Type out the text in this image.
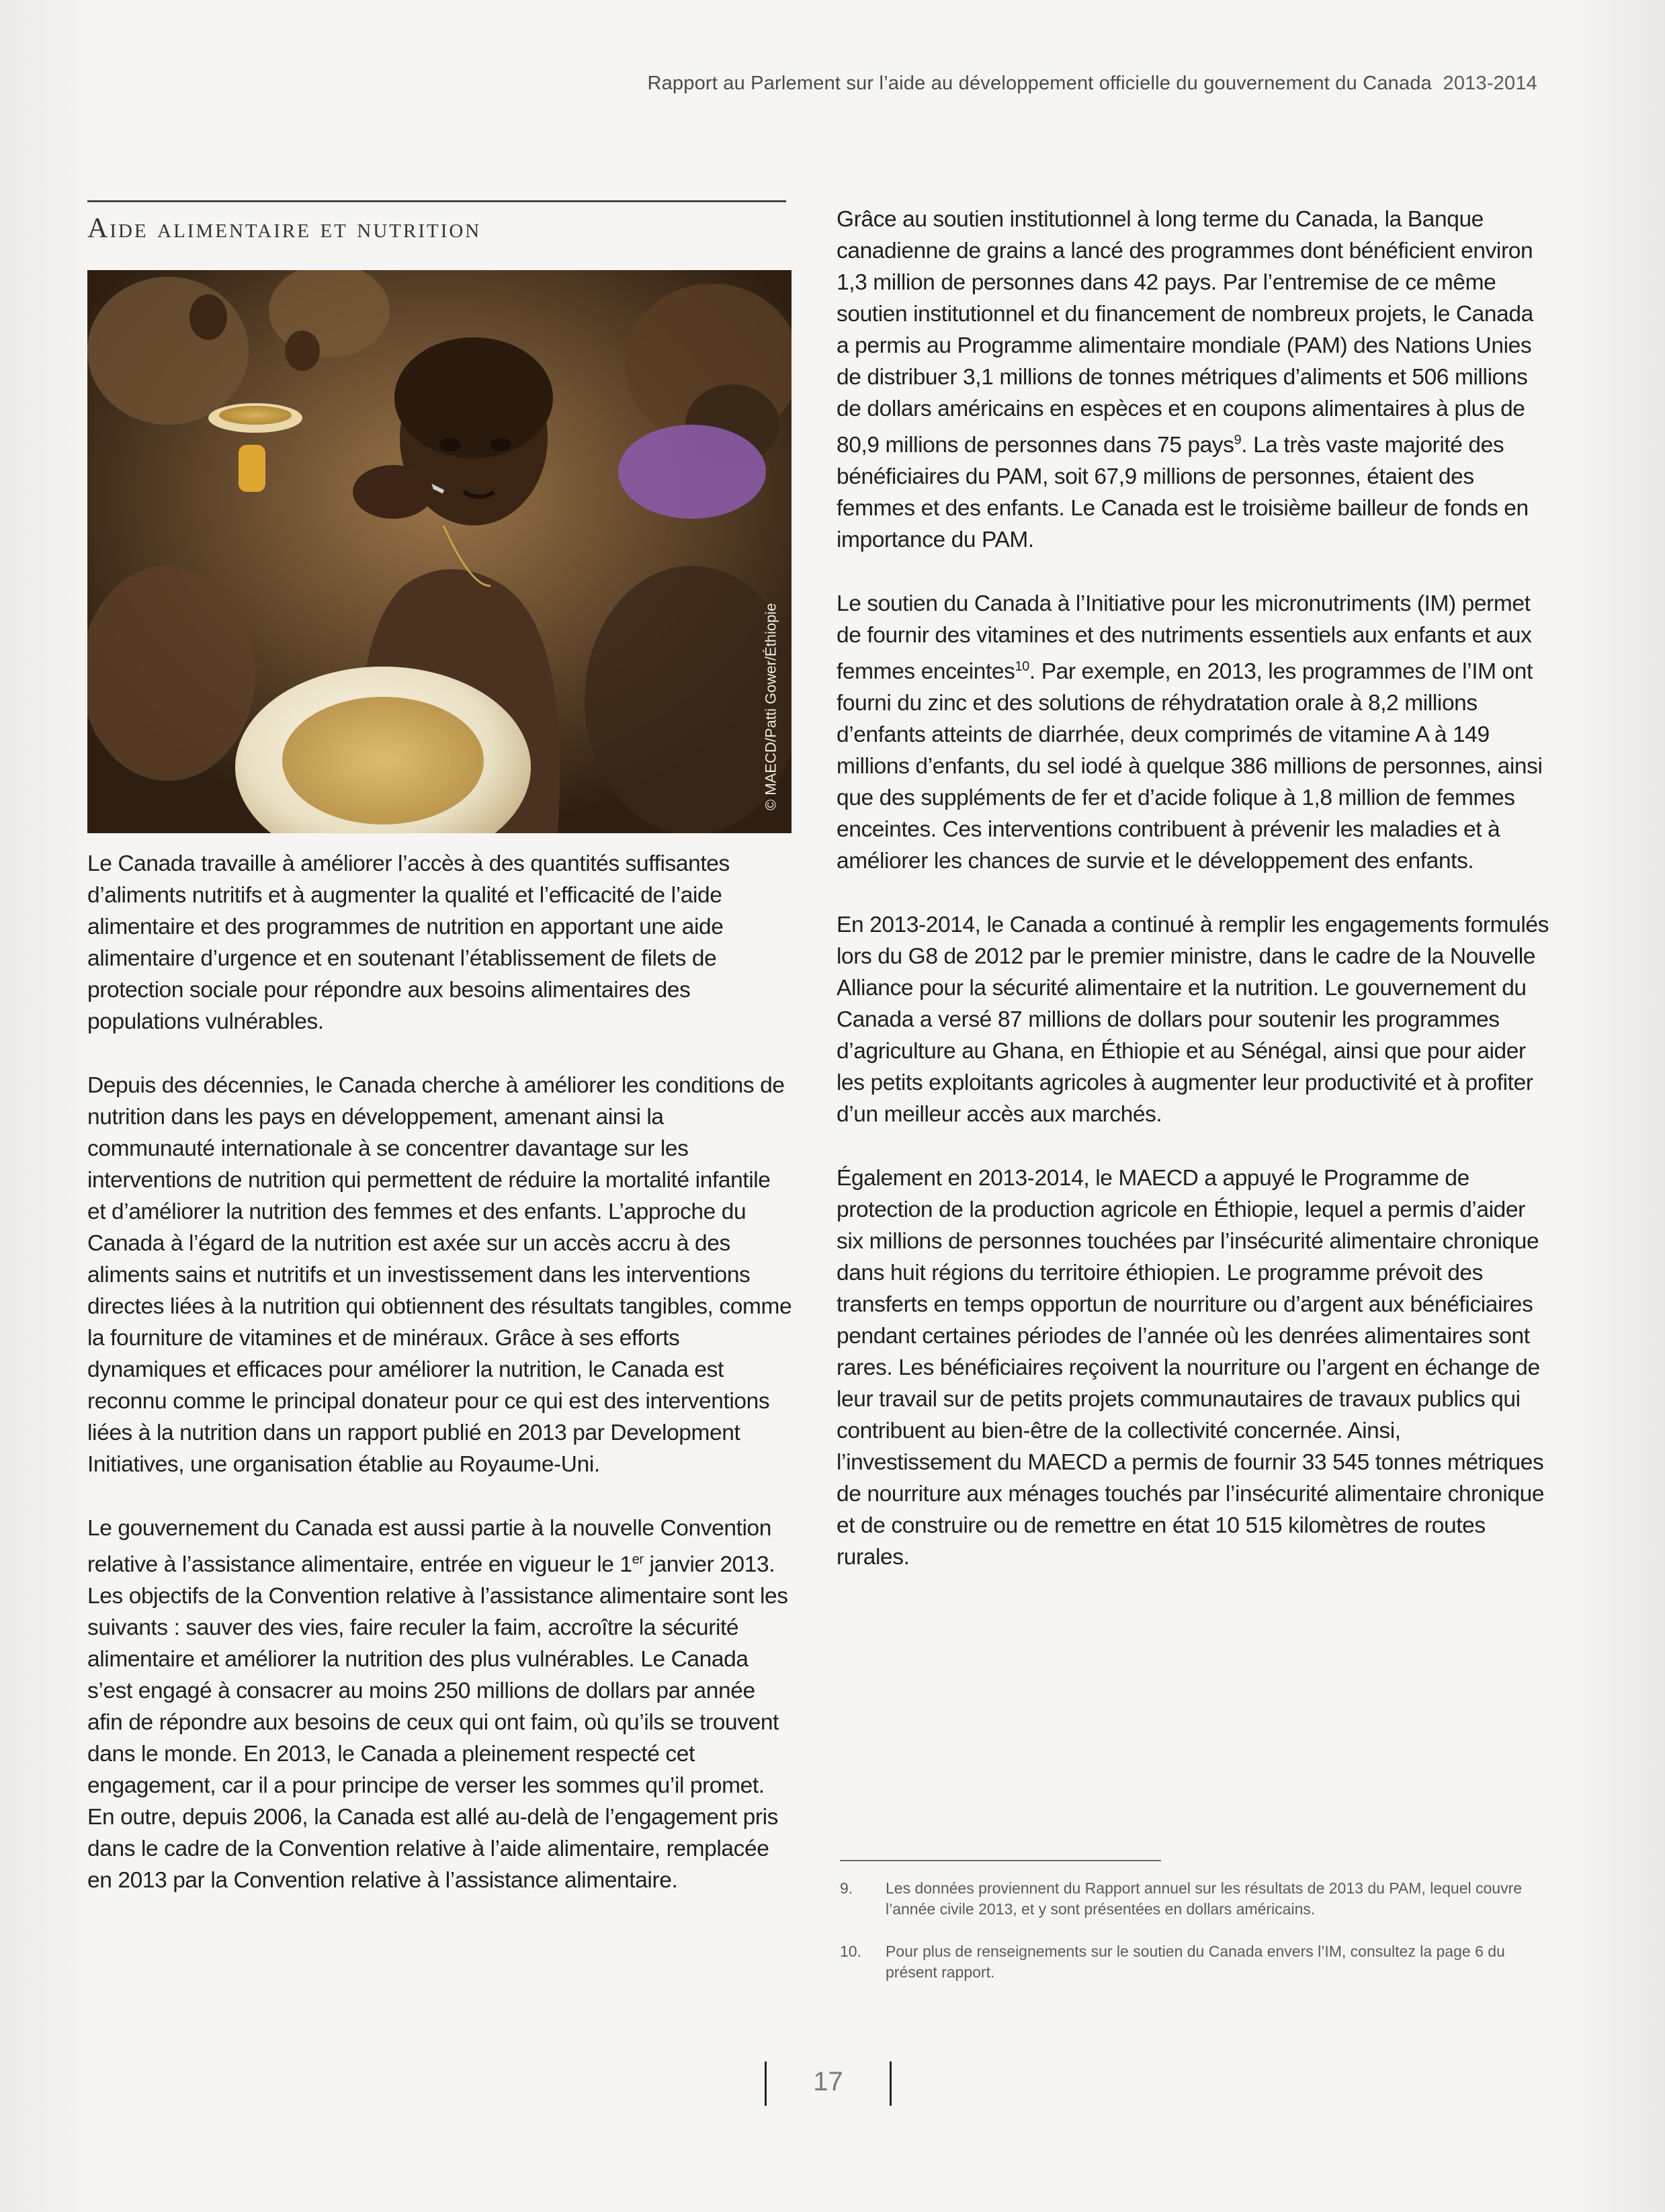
Rapport au Parlement sur l’aide au développement officielle du gouvernement du Canada 2013-2014
Aide alimentaire et nutrition
© MAECD/Patti Gower/Éthiopie

Le Canada travaille à améliorer l’accès à des quantités suffisantes d’aliments nutritifs et à augmenter la qualité et l’efficacité de l’aide alimentaire et des programmes de nutrition en apportant une aide alimentaire d’urgence et en soutenant l’établissement de filets de protection sociale pour répondre aux besoins alimentaires des populations vulnérables.

Depuis des décennies, le Canada cherche à améliorer les conditions de nutrition dans les pays en développement, amenant ainsi la communauté internationale à se concentrer davantage sur les interventions de nutrition qui permettent de réduire la mortalité infantile et d’améliorer la nutrition des femmes et des enfants. L’approche du Canada à l’égard de la nutrition est axée sur un accès accru à des aliments sains et nutritifs et un investissement dans les interventions directes liées à la nutrition qui obtiennent des résultats tangibles, comme la fourniture de vitamines et de minéraux. Grâce à ses efforts dynamiques et efficaces pour améliorer la nutrition, le Canada est reconnu comme le principal donateur pour ce qui est des interventions liées à la nutrition dans un rapport publié en 2013 par Development Initiatives, une organisation établie au Royaume-Uni.

Le gouvernement du Canada est aussi partie à la nouvelle Convention relative à l’assistance alimentaire, entrée en vigueur le 1er janvier 2013. Les objectifs de la Convention relative à l’assistance alimentaire sont les suivants : sauver des vies, faire reculer la faim, accroître la sécurité alimentaire et améliorer la nutrition des plus vulnérables. Le Canada s’est engagé à consacrer au moins 250 millions de dollars par année afin de répondre aux besoins de ceux qui ont faim, où qu’ils se trouvent dans le monde. En 2013, le Canada a pleinement respecté cet engagement, car il a pour principe de verser les sommes qu’il promet. En outre, depuis 2006, la Canada est allé au-delà de l’engagement pris dans le cadre de la Convention relative à l’aide alimentaire, remplacée en 2013 par la Convention relative à l’assistance alimentaire.

Grâce au soutien institutionnel à long terme du Canada, la Banque canadienne de grains a lancé des programmes dont bénéficient environ 1,3 million de personnes dans 42 pays. Par l’entremise de ce même soutien institutionnel et du financement de nombreux projets, le Canada a permis au Programme alimentaire mondiale (PAM) des Nations Unies de distribuer 3,1 millions de tonnes métriques d’aliments et 506 millions de dollars américains en espèces et en coupons alimentaires à plus de 80,9 millions de personnes dans 75 pays$^9$. La très vaste majorité des bénéficiaires du PAM, soit 67,9 millions de personnes, étaient des femmes et des enfants. Le Canada est le troisième bailleur de fonds en importance du PAM.

Le soutien du Canada à l’Initiative pour les micronutriments (IM) permet de fournir des vitamines et des nutriments essentiels aux enfants et aux femmes enceintes$^{10}$. Par exemple, en 2013, les programmes de l’IM ont fourni du zinc et des solutions de réhydratation orale à 8,2 millions d’enfants atteints de diarrhée, deux comprimés de vitamine A à 149 millions d’enfants, du sel iodé à quelque 386 millions de personnes, ainsi que des suppléments de fer et d’acide folique à 1,8 million de femmes enceintes. Ces interventions contribuent à prévenir les maladies et à améliorer les chances de survie et le développement des enfants.

En 2013-2014, le Canada a continué à remplir les engagements formulés lors du G8 de 2012 par le premier ministre, dans le cadre de la Nouvelle Alliance pour la sécurité alimentaire et la nutrition. Le gouvernement du Canada a versé 87 millions de dollars pour soutenir les programmes d’agriculture au Ghana, en Éthiopie et au Sénégal, ainsi que pour aider les petits exploitants agricoles à augmenter leur productivité et à profiter d’un meilleur accès aux marchés.

Également en 2013-2014, le MAECD a appuyé le Programme de protection de la production agricole en Éthiopie, lequel a permis d’aider six millions de personnes touchées par l’insécurité alimentaire chronique dans huit régions du territoire éthiopien. Le programme prévoit des transferts en temps opportun de nourriture ou d’argent aux bénéficiaires pendant certaines périodes de l’année où les denrées alimentaires sont rares. Les bénéficiaires reçoivent la nourriture ou l’argent en échange de leur travail sur de petits projets communautaires de travaux publics qui contribuent au bien-être de la collectivité concernée. Ainsi, l’investissement du MAECD a permis de fournir 33 545 tonnes métriques de nourriture aux ménages touchés par l’insécurité alimentaire chronique et de construire ou de remettre en état 10 515 kilomètres de routes rurales.

9.	Les données proviennent du Rapport annuel sur les résultats de 2013 du PAM, lequel couvre l’année civile 2013, et y sont présentées en dollars américains.
10.	Pour plus de renseignements sur le soutien du Canada envers l’IM, consultez la page 6 du présent rapport.
17
